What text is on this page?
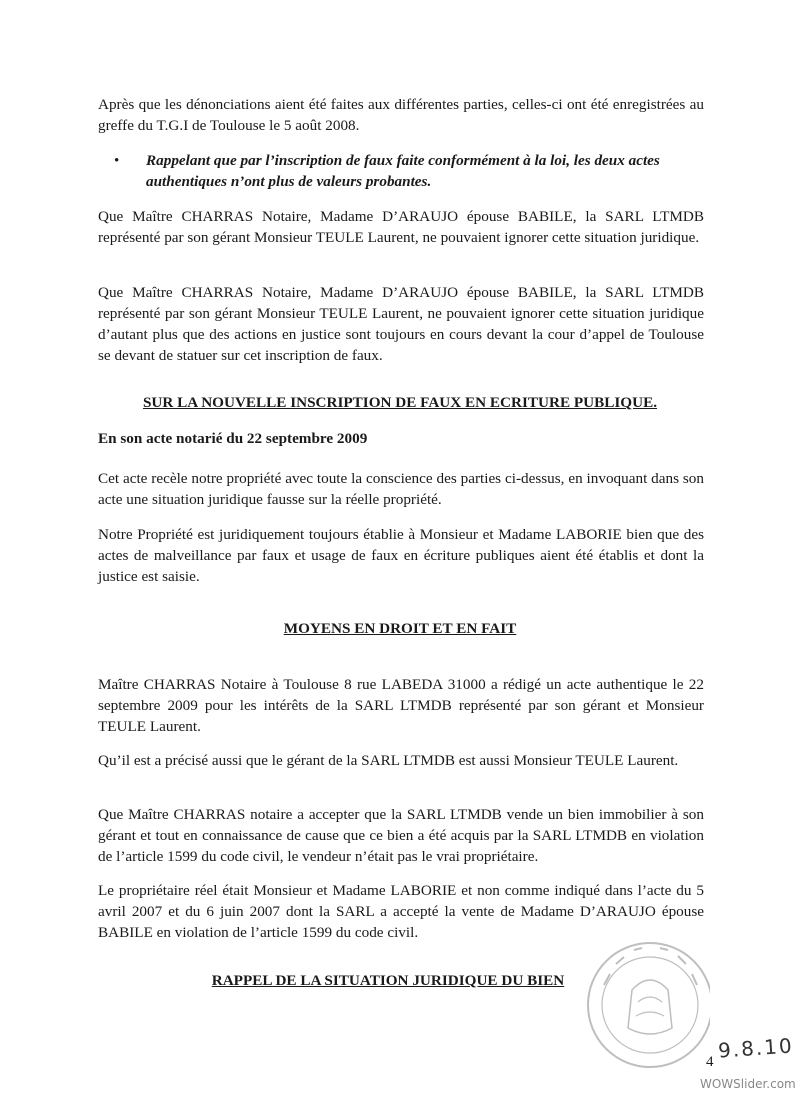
Après que les dénonciations aient été faites aux différentes parties, celles-ci ont été enregistrées au greffe du T.G.I de Toulouse le 5 août 2008.

• Rappelant que par l’inscription de faux faite conformément à la loi, les deux actes authentiques n’ont plus de valeurs probantes.

Que Maître CHARRAS Notaire, Madame D’ARAUJO épouse BABILE, la SARL LTMDB représenté par son gérant Monsieur TEULE Laurent, ne pouvaient ignorer cette situation juridique.

Que Maître CHARRAS Notaire, Madame D’ARAUJO épouse BABILE, la SARL LTMDB représenté par son gérant Monsieur TEULE Laurent, ne pouvaient ignorer cette situation juridique d’autant plus que des actions en justice sont toujours en cours devant la cour d’appel de Toulouse se devant de statuer sur cet inscription de faux.

SUR LA NOUVELLE INSCRIPTION DE FAUX EN ECRITURE PUBLIQUE.

En son acte notarié du 22 septembre 2009

Cet acte recèle notre propriété avec toute la conscience des parties ci-dessus, en invoquant dans son acte une situation juridique fausse sur la réelle propriété.

Notre Propriété est juridiquement toujours établie à Monsieur et Madame LABORIE bien que des actes de malveillance par faux et usage de faux en écriture publiques aient été établis et dont la justice est saisie.

MOYENS EN DROIT ET EN FAIT

Maître CHARRAS Notaire à Toulouse 8 rue LABEDA 31000 a rédigé un acte authentique le 22 septembre 2009 pour les intérêts de la SARL LTMDB représenté par son gérant et Monsieur TEULE Laurent.

Qu’il est a précisé aussi que le gérant de la SARL LTMDB est aussi Monsieur TEULE Laurent.

Que Maître CHARRAS notaire a accepter que la SARL LTMDB vende un bien immobilier à son gérant et tout en connaissance de cause que ce bien a été acquis par la SARL LTMDB en violation de l’article 1599 du code civil, le vendeur n’était pas le vrai propriétaire.

Le propriétaire réel était Monsieur et Madame LABORIE et non comme indiqué dans l’acte du 5 avril 2007 et du 6 juin 2007 dont la SARL a accepté la vente de Madame D’ARAUJO épouse BABILE en violation de l’article 1599 du code civil.

RAPPEL DE LA SITUATION JURIDIQUE DU BIEN

4 9.8.10
WOWSlider.com
